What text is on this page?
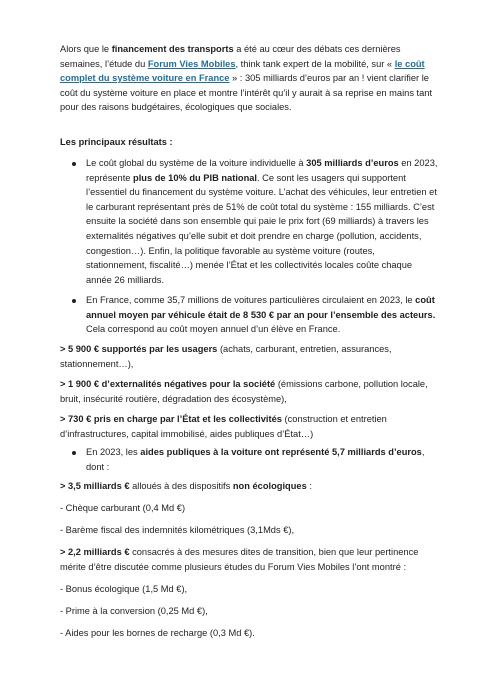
Alors que le financement des transports a été au cœur des débats ces dernières semaines, l’étude du Forum Vies Mobiles, think tank expert de la mobilité, sur « le coût complet du système voiture en France » : 305 milliards d’euros par an ! vient clarifier le coût du système voiture en place et montre l’intérêt qu’il y aurait à sa reprise en mains tant pour des raisons budgétaires, écologiques que sociales.

Les principaux résultats :

Le coût global du système de la voiture individuelle à 305 milliards d’euros en 2023, représente plus de 10% du PIB national. Ce sont les usagers qui supportent l’essentiel du financement du système voiture. L’achat des véhicules, leur entretien et le carburant représentant près de 51% de coût total du système : 155 milliards. C’est ensuite la société dans son ensemble qui paie le prix fort (69 milliards) à travers les externalités négatives qu’elle subit et doit prendre en charge (pollution, accidents, congestion…). Enfin, la politique favorable au système voiture (routes, stationnement, fiscalité…) menée l’État et les collectivités locales coûte chaque année 26 milliards.

En France, comme 35,7 millions de voitures particulières circulaient en 2023, le coût annuel moyen par véhicule était de 8 530 € par an pour l’ensemble des acteurs. Cela correspond au coût moyen annuel d’un élève en France.

> 5 900 € supportés par les usagers (achats, carburant, entretien, assurances, stationnement…),

> 1 900 € d’externalités négatives pour la société (émissions carbone, pollution locale, bruit, insécurité routière, dégradation des écosystème),

> 730 € pris en charge par l’État et les collectivités (construction et entretien d’infrastructures, capital immobilisé, aides publiques d’État…)

En 2023, les aides publiques à la voiture ont représenté 5,7 milliards d’euros, dont :

> 3,5 milliards € alloués à des dispositifs non écologiques :

- Chèque carburant (0,4 Md €)

- Barème fiscal des indemnités kilométriques (3,1Mds €),

> 2,2 milliards € consacrés à des mesures dites de transition, bien que leur pertinence mérite d’être discutée comme plusieurs études du Forum Vies Mobiles l’ont montré :

- Bonus écologique (1,5 Md €),

- Prime à la conversion (0,25 Md €),

- Aides pour les bornes de recharge (0,3 Md €).
